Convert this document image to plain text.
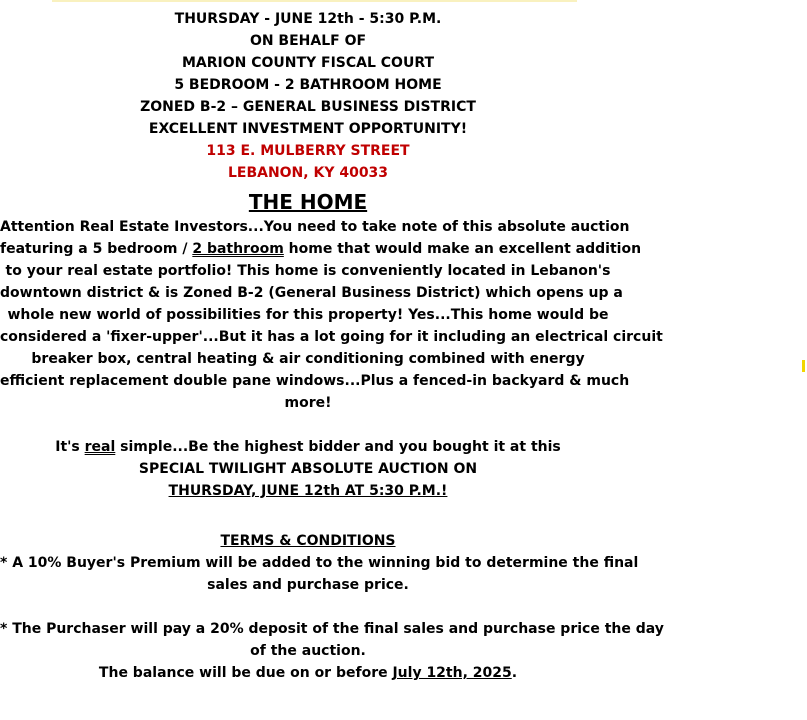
THURSDAY - JUNE 12th - 5:30 P.M.
ON BEHALF OF
MARION COUNTY FISCAL COURT
5 BEDROOM - 2 BATHROOM HOME
ZONED B-2 – GENERAL BUSINESS DISTRICT
EXCELLENT INVESTMENT OPPORTUNITY!
113 E. MULBERRY STREET
LEBANON, KY 40033
THE HOME
Attention Real Estate Investors...You need to take note of this absolute auction
featuring a 5 bedroom / 2 bathroom home that would make an excellent addition
to your real estate portfolio! This home is conveniently located in Lebanon's
downtown district & is Zoned B-2 (General Business District) which opens up a
whole new world of possibilities for this property! Yes...This home would be
considered a 'fixer-upper'...But it has a lot going for it including an electrical circuit
breaker box, central heating & air conditioning combined with energy
efficient replacement double pane windows...Plus a fenced-in backyard & much
more!
It's real simple...Be the highest bidder and you bought it at this
SPECIAL TWILIGHT ABSOLUTE AUCTION ON
THURSDAY, JUNE 12th AT 5:30 P.M.!
TERMS & CONDITIONS
* A 10% Buyer's Premium will be added to the winning bid to determine the final
sales and purchase price.
* The Purchaser will pay a 20% deposit of the final sales and purchase price the day
of the auction.
The balance will be due on or before July 12th, 2025.
